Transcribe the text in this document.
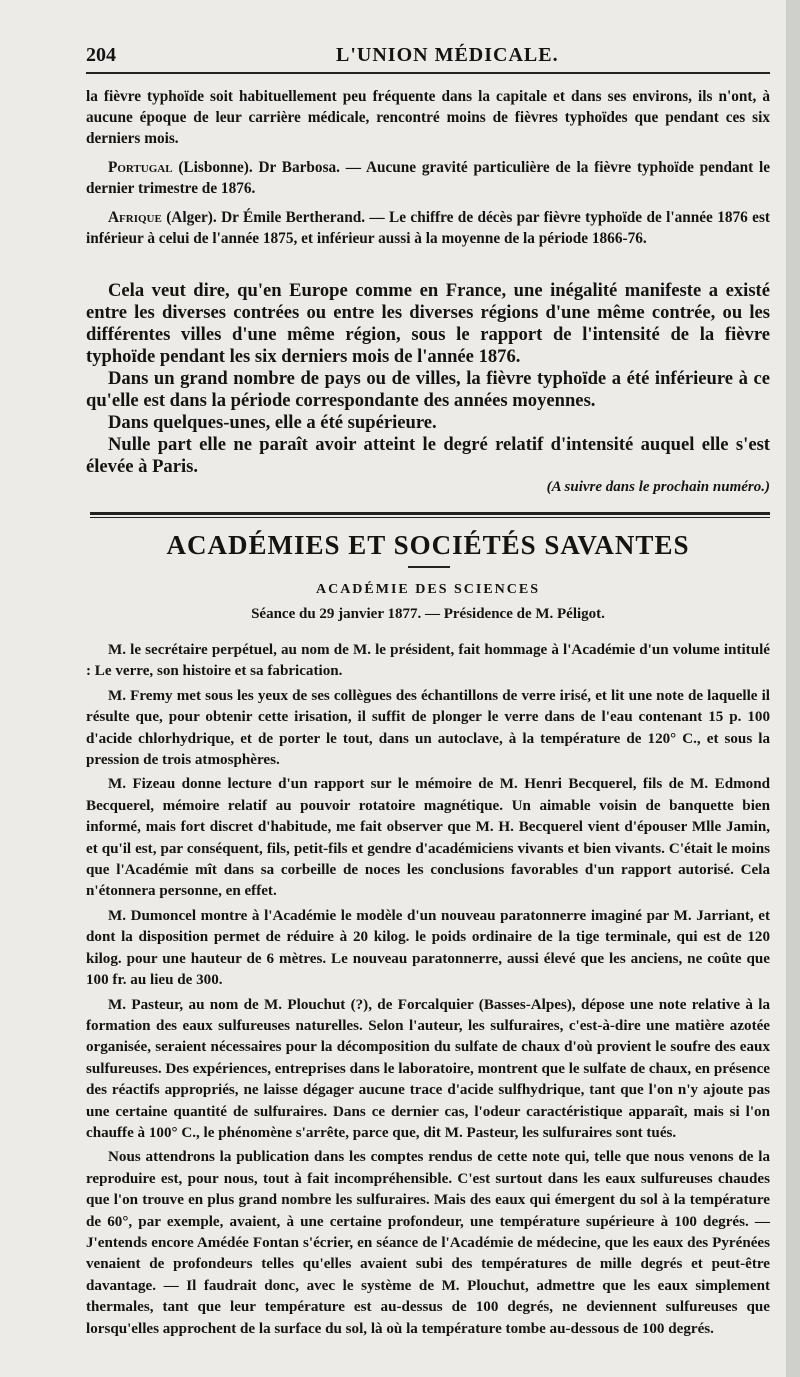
204	L'UNION MÉDICALE.

la fièvre typhoïde soit habituellement peu fréquente dans la capitale et dans ses environs, ils n'ont, à aucune époque de leur carrière médicale, rencontré moins de fièvres typhoïdes que pendant ces six derniers mois.

Portugal (Lisbonne). Dr Barbosa. — Aucune gravité particulière de la fièvre typhoïde pendant le dernier trimestre de 1876.

Afrique (Alger). Dr Émile Bertherand. — Le chiffre de décès par fièvre typhoïde de l'année 1876 est inférieur à celui de l'année 1875, et inférieur aussi à la moyenne de la période 1866-76.

Cela veut dire, qu'en Europe comme en France, une inégalité manifeste a existé entre les diverses contrées ou entre les diverses régions d'une même contrée, ou les différentes villes d'une même région, sous le rapport de l'intensité de la fièvre typhoïde pendant les six derniers mois de l'année 1876.

Dans un grand nombre de pays ou de villes, la fièvre typhoïde a été inférieure à ce qu'elle est dans la période correspondante des années moyennes.

Dans quelques-unes, elle a été supérieure.

Nulle part elle ne paraît avoir atteint le degré relatif d'intensité auquel elle s'est élevée à Paris.

(A suivre dans le prochain numéro.)

ACADÉMIES ET SOCIÉTÉS SAVANTES
ACADÉMIE DES SCIENCES
Séance du 29 janvier 1877. — Présidence de M. Péligot.

M. le secrétaire perpétuel, au nom de M. le président, fait hommage à l'Académie d'un volume intitulé : Le verre, son histoire et sa fabrication.

M. Fremy met sous les yeux de ses collègues des échantillons de verre irisé, et lit une note de laquelle il résulte que, pour obtenir cette irisation, il suffit de plonger le verre dans de l'eau contenant 15 p. 100 d'acide chlorhydrique, et de porter le tout, dans un autoclave, à la température de 120° C., et sous la pression de trois atmosphères.

M. Fizeau donne lecture d'un rapport sur le mémoire de M. Henri Becquerel, fils de M. Edmond Becquerel, mémoire relatif au pouvoir rotatoire magnétique. Un aimable voisin de banquette bien informé, mais fort discret d'habitude, me fait observer que M. H. Becquerel vient d'épouser Mlle Jamin, et qu'il est, par conséquent, fils, petit-fils et gendre d'académiciens vivants et bien vivants. C'était le moins que l'Académie mît dans sa corbeille de noces les conclusions favorables d'un rapport autorisé. Cela n'étonnera personne, en effet.

M. Dumoncel montre à l'Académie le modèle d'un nouveau paratonnerre imaginé par M. Jarriant, et dont la disposition permet de réduire à 20 kilog. le poids ordinaire de la tige terminale, qui est de 120 kilog. pour une hauteur de 6 mètres. Le nouveau paratonnerre, aussi élevé que les anciens, ne coûte que 100 fr. au lieu de 300.

M. Pasteur, au nom de M. Plouchut (?), de Forcalquier (Basses-Alpes), dépose une note relative à la formation des eaux sulfureuses naturelles. Selon l'auteur, les sulfuraires, c'est-à-dire une matière azotée organisée, seraient nécessaires pour la décomposition du sulfate de chaux d'où provient le soufre des eaux sulfureuses. Des expériences, entreprises dans le laboratoire, montrent que le sulfate de chaux, en présence des réactifs appropriés, ne laisse dégager aucune trace d'acide sulfhydrique, tant que l'on n'y ajoute pas une certaine quantité de sulfuraires. Dans ce dernier cas, l'odeur caractéristique apparaît, mais si l'on chauffe à 100° C., le phénomène s'arrête, parce que, dit M. Pasteur, les sulfuraires sont tués.

Nous attendrons la publication dans les comptes rendus de cette note qui, telle que nous venons de la reproduire est, pour nous, tout à fait incompréhensible. C'est surtout dans les eaux sulfureuses chaudes que l'on trouve en plus grand nombre les sulfuraires. Mais des eaux qui émergent du sol à la température de 60°, par exemple, avaient, à une certaine profondeur, une température supérieure à 100 degrés. — J'entends encore Amédée Fontan s'écrier, en séance de l'Académie de médecine, que les eaux des Pyrénées venaient de profondeurs telles qu'elles avaient subi des températures de mille degrés et peut-être davantage. — Il faudrait donc, avec le système de M. Plouchut, admettre que les eaux simplement thermales, tant que leur température est au-dessus de 100 degrés, ne deviennent sulfureuses que lorsqu'elles approchent de la surface du sol, là où la température tombe au-dessous de 100 degrés.
